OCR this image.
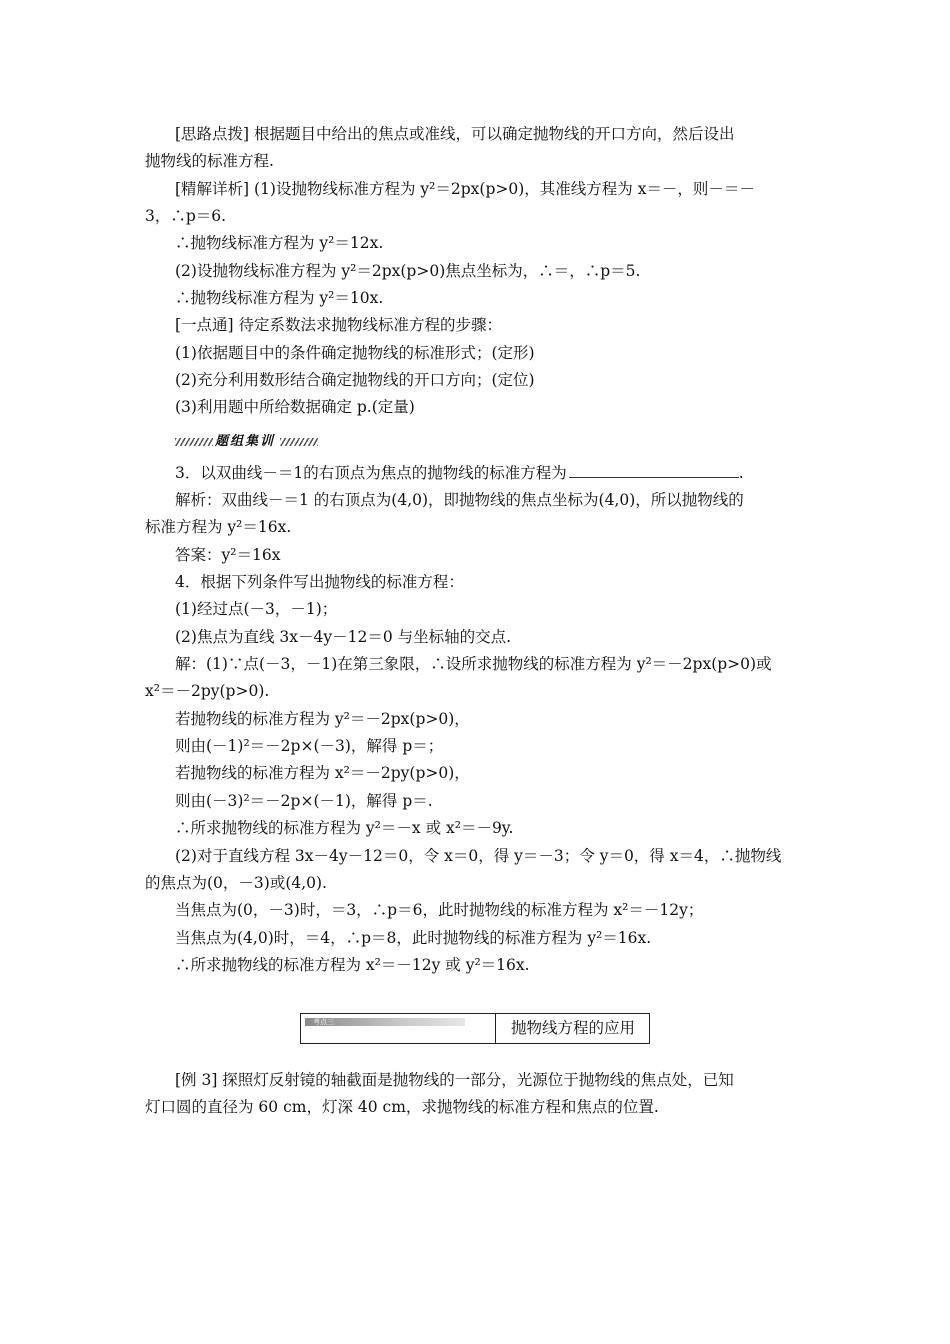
[思路点拨] 根据题目中给出的焦点或准线，可以确定抛物线的开口方向，然后设出
抛物线的标准方程.
[精解详析] (1)设抛物线标准方程为 y²＝2px(p>0)，其准线方程为 x＝－，则－＝－
3，∴p＝6.
∴抛物线标准方程为 y²＝12x.
(2)设抛物线标准方程为 y²＝2px(p>0)焦点坐标为，∴＝，∴p＝5.
∴抛物线标准方程为 y²＝10x.
[一点通] 待定系数法求抛物线标准方程的步骤：
(1)依据题目中的条件确定抛物线的标准形式；(定形)
(2)充分利用数形结合确定抛物线的开口方向；(定位)
(3)利用题中所给数据确定 p.(定量)
题组集训
3．以双曲线－＝1的右顶点为焦点的抛物线的标准方程为	.
解析：双曲线－＝1 的右顶点为(4,0)，即抛物线的焦点坐标为(4,0)，所以抛物线的
标准方程为 y²＝16x.
答案：y²＝16x
4．根据下列条件写出抛物线的标准方程：
(1)经过点(－3，－1)；
(2)焦点为直线 3x－4y－12＝0 与坐标轴的交点.
解：(1)∵点(－3，－1)在第三象限，∴设所求抛物线的标准方程为 y²＝－2px(p>0)或
x²＝－2py(p>0).
若抛物线的标准方程为 y²＝－2px(p>0)，
则由(－1)²＝－2p×(－3)，解得 p＝；
若抛物线的标准方程为 x²＝－2py(p>0)，
则由(－3)²＝－2p×(－1)，解得 p＝.
∴所求抛物线的标准方程为 y²＝－x 或 x²＝－9y.
(2)对于直线方程 3x－4y－12＝0，令 x＝0，得 y＝－3；令 y＝0，得 x＝4，∴抛物线
的焦点为(0，－3)或(4,0).
当焦点为(0，－3)时，＝3，∴p＝6，此时抛物线的标准方程为 x²＝－12y；
当焦点为(4,0)时，＝4，∴p＝8，此时抛物线的标准方程为 y²＝16x.
∴所求抛物线的标准方程为 x²＝－12y 或 y²＝16x.
考点三	抛物线方程的应用
[例 3] 探照灯反射镜的轴截面是抛物线的一部分，光源位于抛物线的焦点处，已知
灯口圆的直径为 60 cm，灯深 40 cm，求抛物线的标准方程和焦点的位置.
